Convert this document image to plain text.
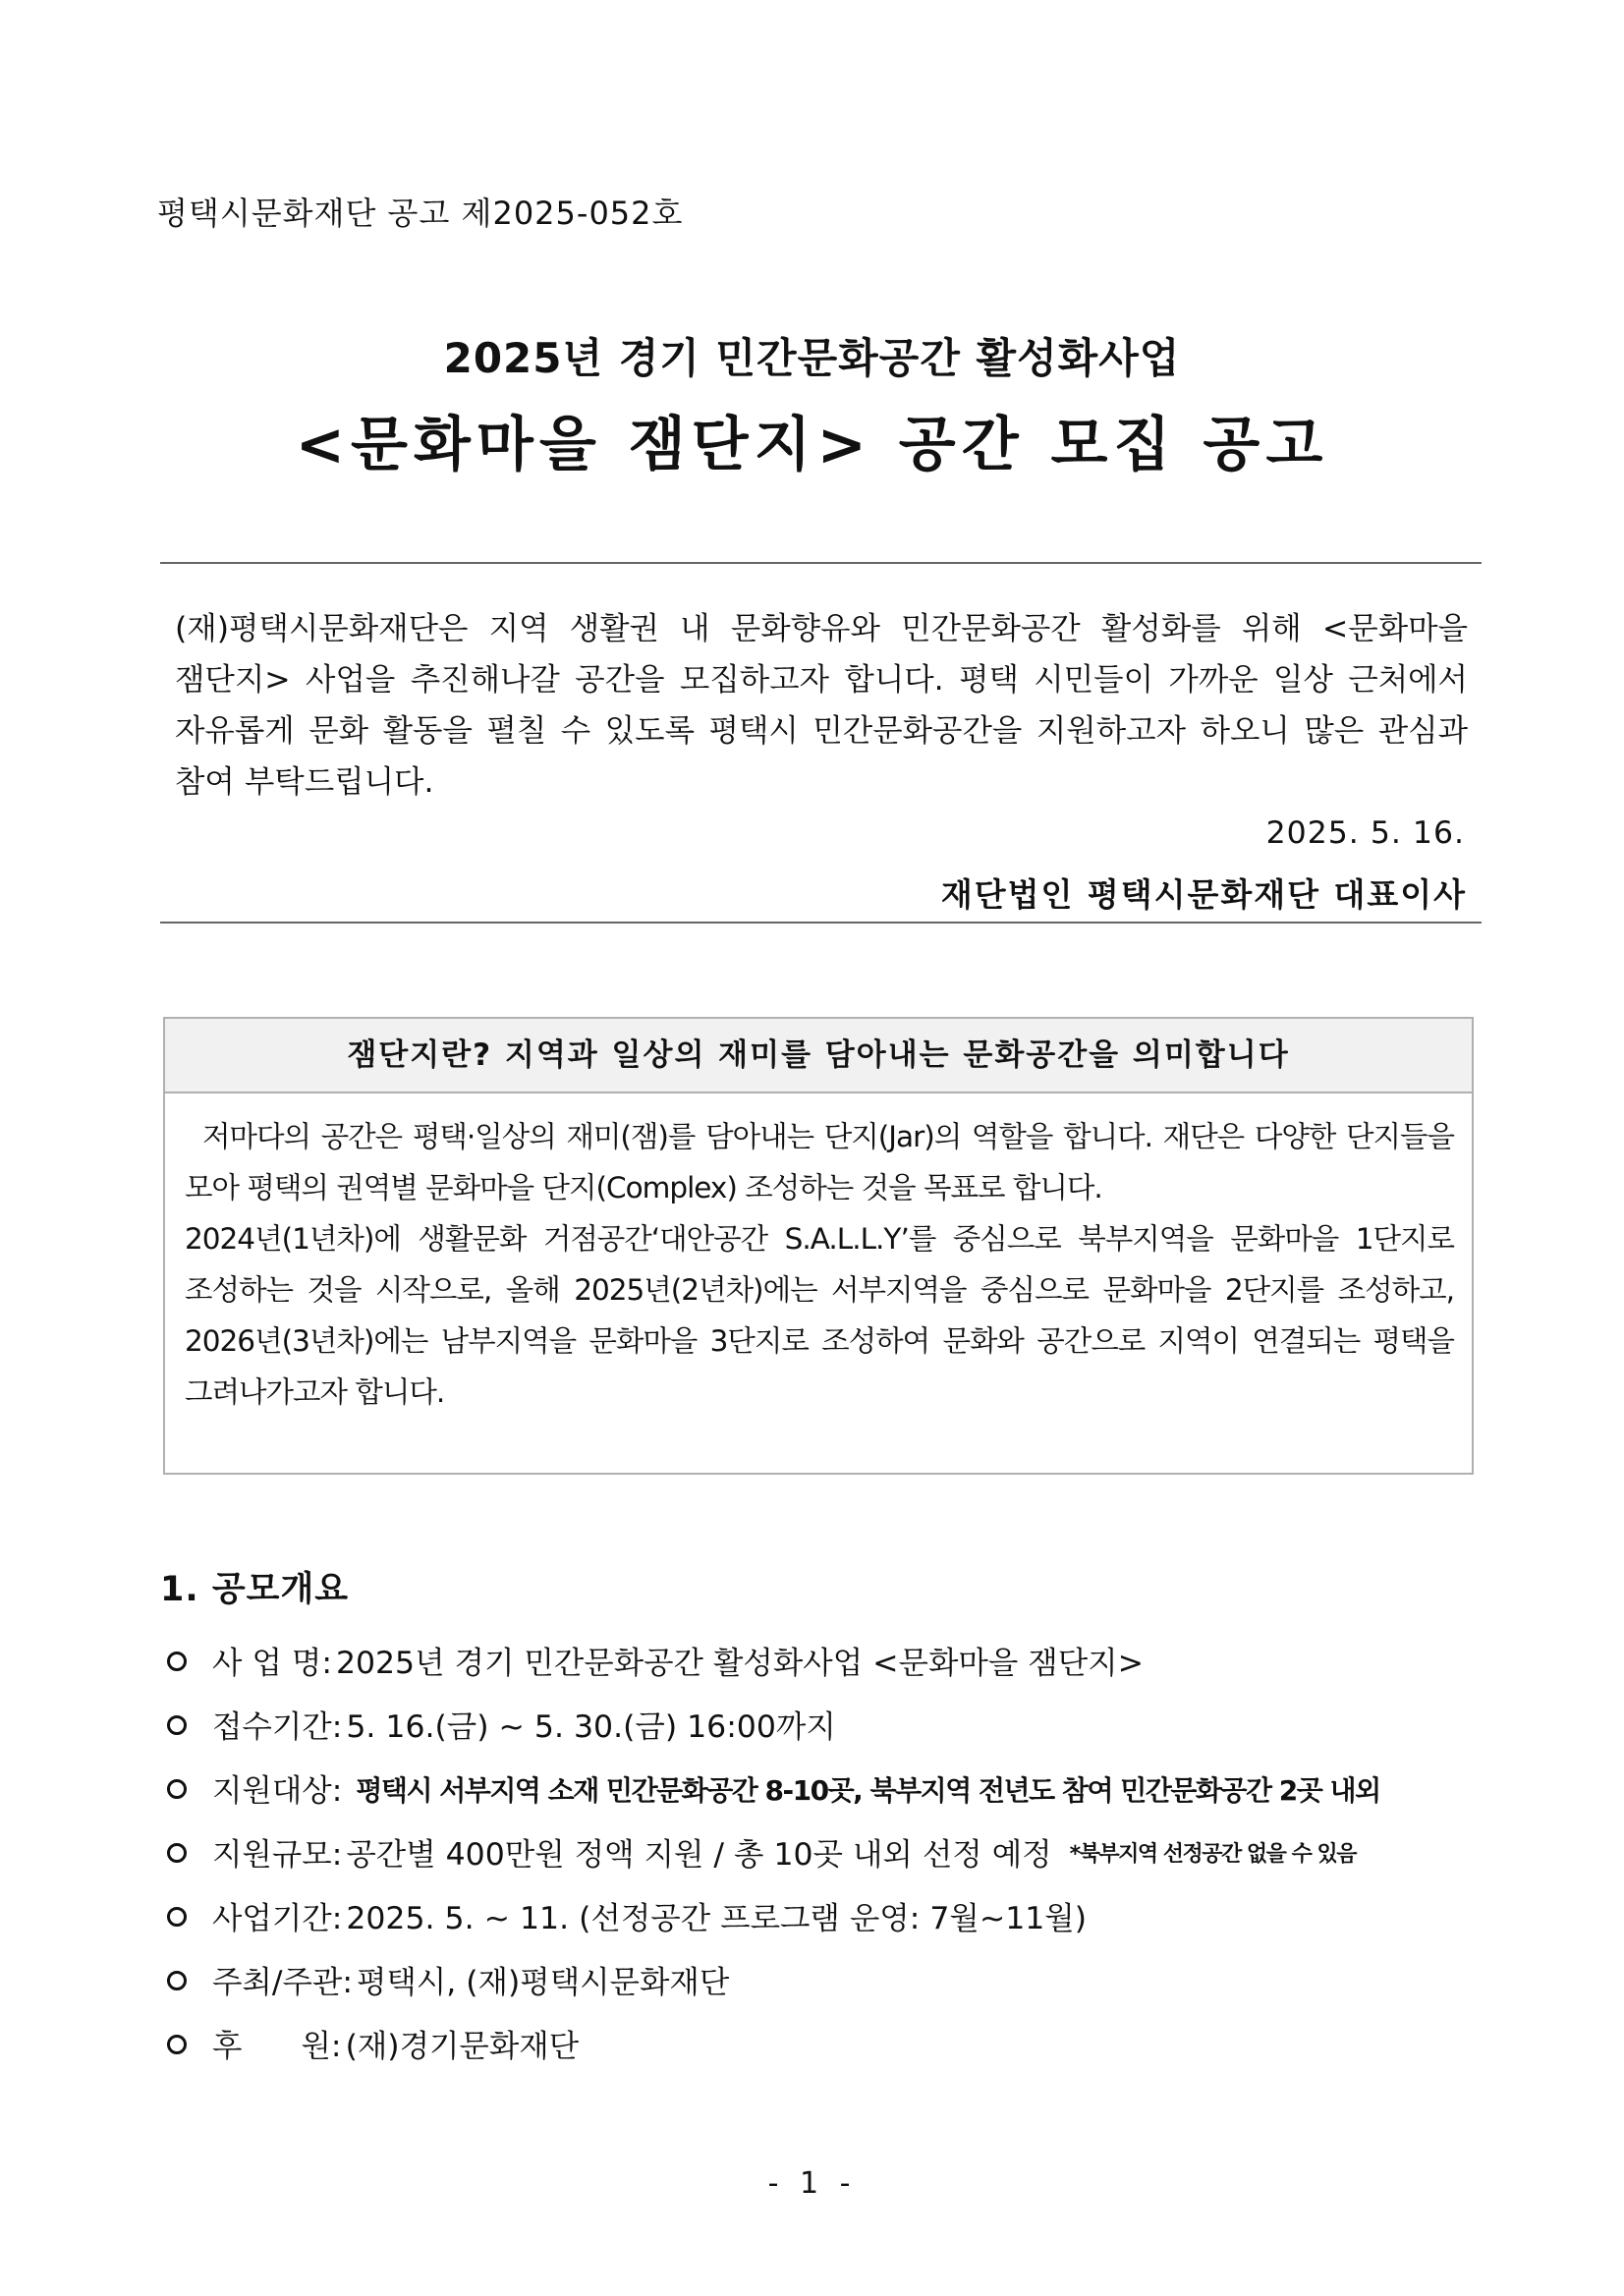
평택시문화재단 공고 제2025-052호
2025년 경기 민간문화공간 활성화사업
<문화마을 잼단지> 공간 모집 공고
(재)평택시문화재단은 지역 생활권 내 문화향유와 민간문화공간 활성화를 위해 <문화마을 잼단지> 사업을 추진해나갈 공간을 모집하고자 합니다. 평택 시민들이 가까운 일상 근처에서 자유롭게 문화 활동을 펼칠 수 있도록 평택시 민간문화공간을 지원하고자 하오니 많은 관심과 참여 부탁드립니다.
2025. 5. 16.
재단법인 평택시문화재단 대표이사
잼단지란? 지역과 일상의 재미를 담아내는 문화공간을 의미합니다

저마다의 공간은 평택·일상의 재미(잼)를 담아내는 단지(Jar)의 역할을 합니다. 재단은 다양한 단지들을 모아 평택의 권역별 문화마을 단지(Complex) 조성하는 것을 목표로 합니다.

2024년(1년차)에 생활문화 거점공간‘대안공간 S.A.L.L.Y’를 중심으로 북부지역을 문화마을 1단지로 조성하는 것을 시작으로, 올해 2025년(2년차)에는 서부지역을 중심으로 문화마을 2단지를 조성하고, 2026년(3년차)에는 남부지역을 문화마을 3단지로 조성하여 문화와 공간으로 지역이 연결되는 평택을 그려나가고자 합니다.

1. 공모개요
사 업 명: 2025년 경기 민간문화공간 활성화사업 <문화마을 잼단지>
접수기간: 5. 16.(금) ~ 5. 30.(금) 16:00까지
지원대상: 평택시 서부지역 소재 민간문화공간 8-10곳, 북부지역 전년도 참여 민간문화공간 2곳 내외
지원규모: 공간별 400만원 정액 지원 / 총 10곳 내외 선정 예정 *북부지역 선정공간 없을 수 있음
사업기간: 2025. 5. ~ 11. (선정공간 프로그램 운영: 7월~11월)
주최/주관: 평택시, (재)평택시문화재단
후      원: (재)경기문화재단
- 1 -
